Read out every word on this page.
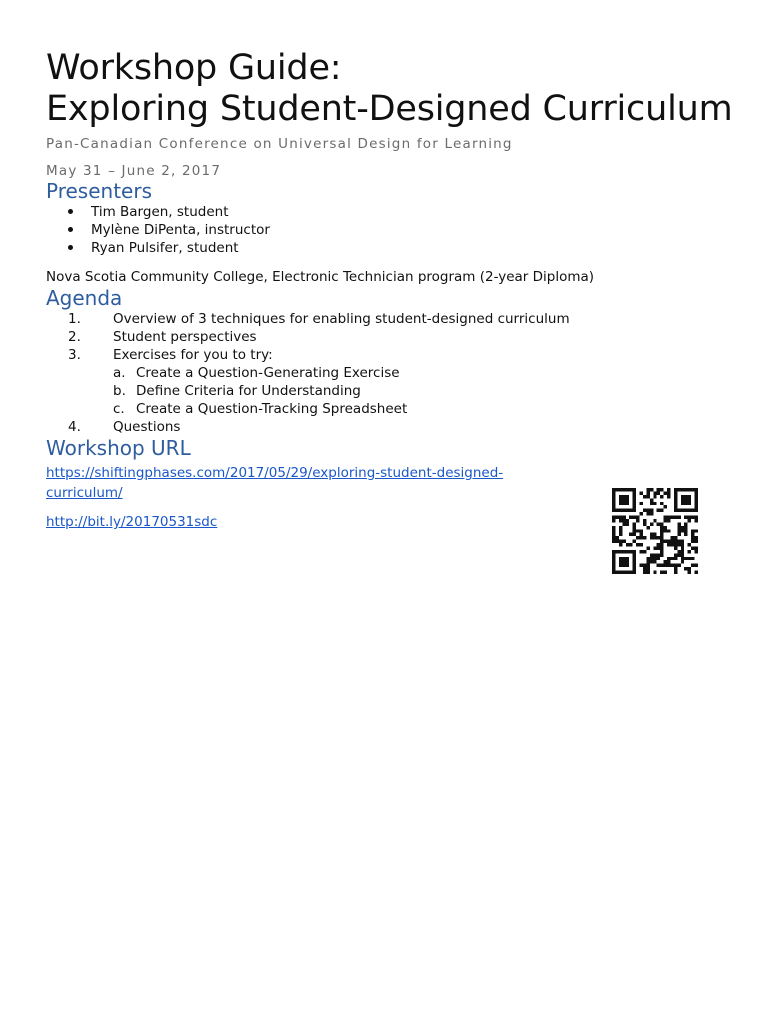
Workshop Guide:
Exploring Student-Designed Curriculum
Pan-Canadian Conference on Universal Design for Learning
May 31 – June 2, 2017
Presenters
Tim Bargen, student
Mylène DiPenta, instructor
Ryan Pulsifer, student
Nova Scotia Community College, Electronic Technician program (2-year Diploma)
Agenda
1. Overview of 3 techniques for enabling student-designed curriculum
2. Student perspectives
3. Exercises for you to try:
a. Create a Question-Generating Exercise
b. Define Criteria for Understanding
c. Create a Question-Tracking Spreadsheet
4. Questions
Workshop URL
https://shiftingphases.com/2017/05/29/exploring-student-designed-curriculum/
http://bit.ly/20170531sdc
